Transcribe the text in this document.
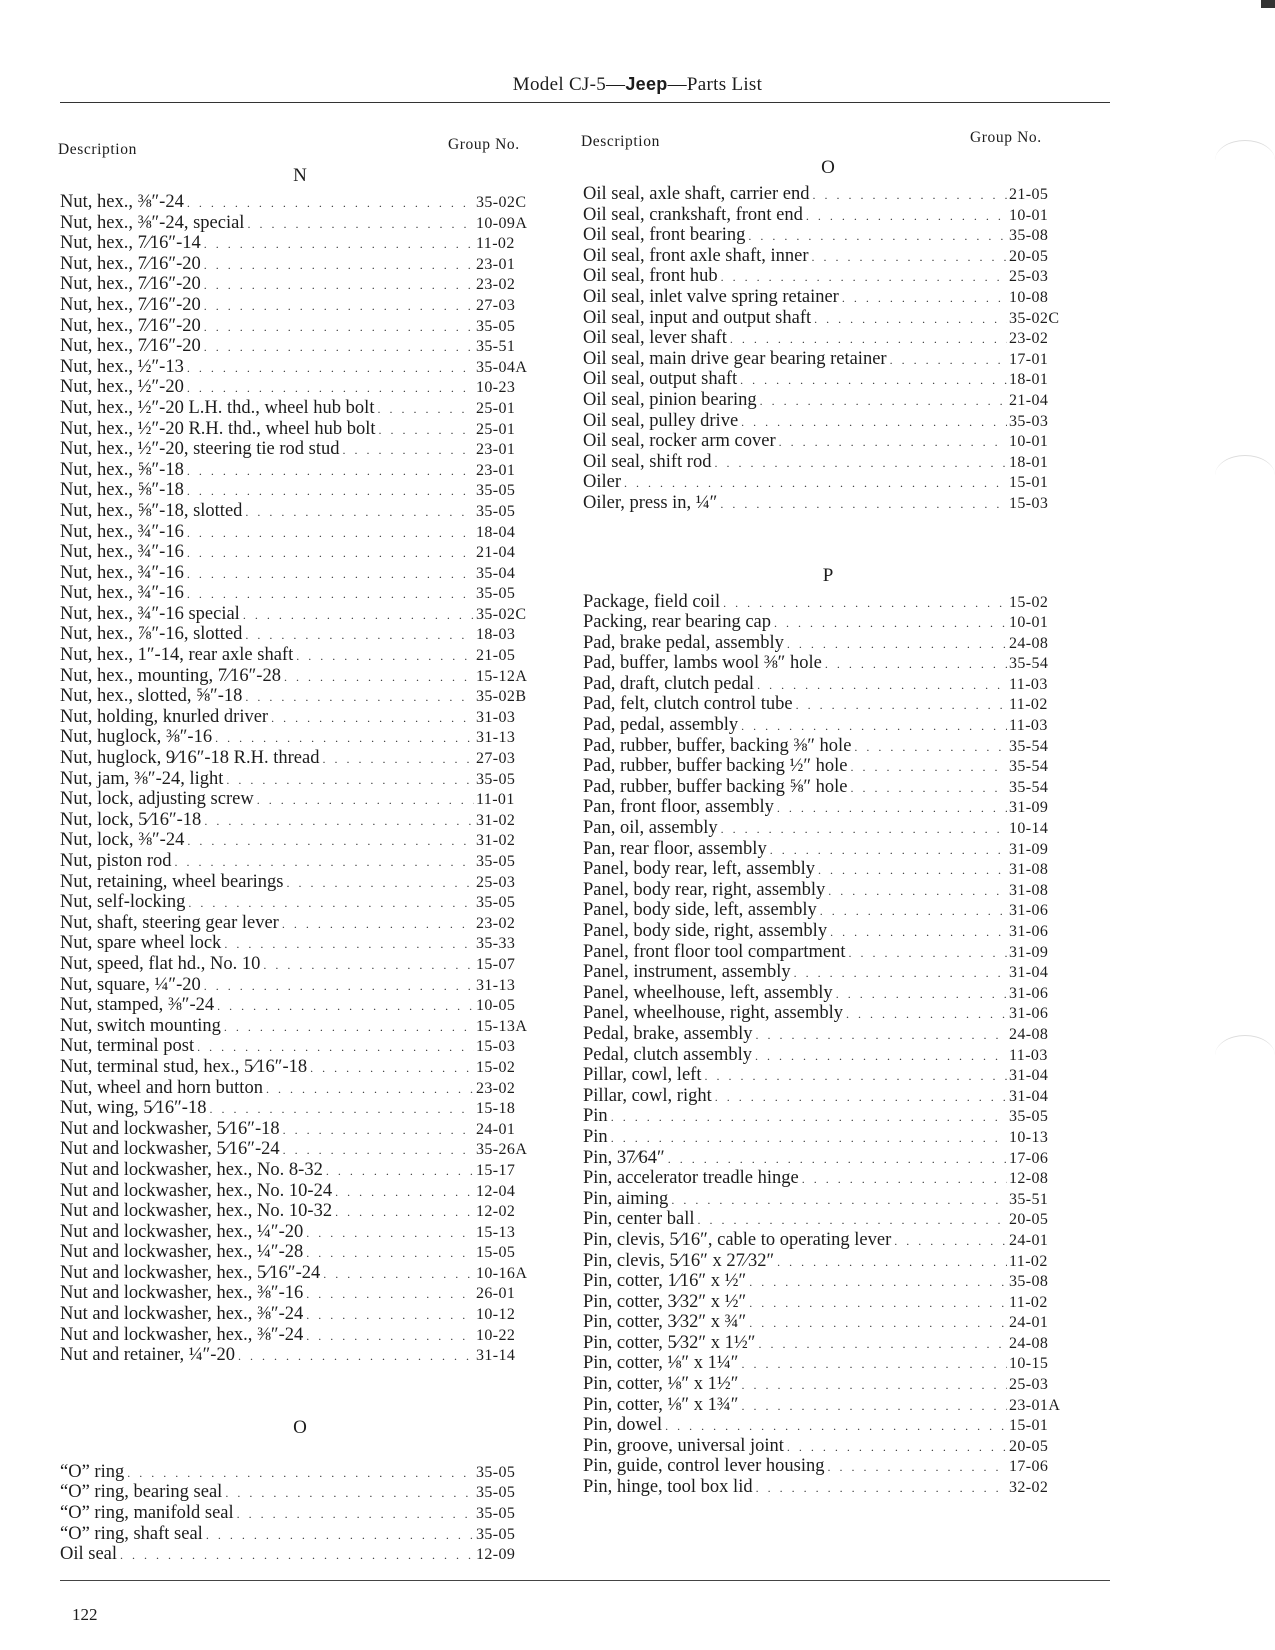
Model CJ-5—Jeep—Parts List
Description	Group No.	Description	Group No.
N
Nut, hex., ⅜″-24 . . .	35-02C
Nut, hex., ⅜″-24, special . . .	10-09A
Nut, hex., 7⁄16″-14 . . .	11-02
Nut, hex., 7⁄16″-20 . . .	23-01
Nut, hex., 7⁄16″-20 . . .	23-02
Nut, hex., 7⁄16″-20 . . .	27-03
Nut, hex., 7⁄16″-20 . . .	35-05
Nut, hex., 7⁄16″-20 . . .	35-51
Nut, hex., ½″-13 . . .	35-04A
Nut, hex., ½″-20 . . .	10-23
Nut, hex., ½″-20 L.H. thd., wheel hub bolt . . .	25-01
Nut, hex., ½″-20 R.H. thd., wheel hub bolt . . .	25-01
Nut, hex., ½″-20, steering tie rod stud . . .	23-01
Nut, hex., ⅝″-18 . . .	23-01
Nut, hex., ⅝″-18 . . .	35-05
Nut, hex., ⅝″-18, slotted . . .	35-05
Nut, hex., ¾″-16 . . .	18-04
Nut, hex., ¾″-16 . . .	21-04
Nut, hex., ¾″-16 . . .	35-04
Nut, hex., ¾″-16 . . .	35-05
Nut, hex., ¾″-16 special . . .	35-02C
Nut, hex., ⅞″-16, slotted . . .	18-03
Nut, hex., 1″-14, rear axle shaft . . .	21-05
Nut, hex., mounting, 7⁄16″-28 . . .	15-12A
Nut, hex., slotted, ⅝″-18 . . .	35-02B
Nut, holding, knurled driver . . .	31-03
Nut, huglock, ⅜″-16 . . .	31-13
Nut, huglock, 9⁄16″-18 R.H. thread . . .	27-03
Nut, jam, ⅜″-24, light . . .	35-05
Nut, lock, adjusting screw . . .	11-01
Nut, lock, 5⁄16″-18 . . .	31-02
Nut, lock, ⅜″-24 . . .	31-02
Nut, piston rod . . .	35-05
Nut, retaining, wheel bearings . . .	25-03
Nut, self-locking . . .	35-05
Nut, shaft, steering gear lever . . .	23-02
Nut, spare wheel lock . . .	35-33
Nut, speed, flat hd., No. 10 . . .	15-07
Nut, square, ¼″-20 . . .	31-13
Nut, stamped, ⅜″-24 . . .	10-05
Nut, switch mounting . . .	15-13A
Nut, terminal post . . .	15-03
Nut, terminal stud, hex., 5⁄16″-18 . . .	15-02
Nut, wheel and horn button . . .	23-02
Nut, wing, 5⁄16″-18 . . .	15-18
Nut and lockwasher, 5⁄16″-18 . . .	24-01
Nut and lockwasher, 5⁄16″-24 . . .	35-26A
Nut and lockwasher, hex., No. 8-32 . . .	15-17
Nut and lockwasher, hex., No. 10-24 . . .	12-04
Nut and lockwasher, hex., No. 10-32 . . .	12-02
Nut and lockwasher, hex., ¼″-20 . . .	15-13
Nut and lockwasher, hex., ¼″-28 . . .	15-05
Nut and lockwasher, hex., 5⁄16″-24 . . .	10-16A
Nut and lockwasher, hex., ⅜″-16 . . .	26-01
Nut and lockwasher, hex., ⅜″-24 . . .	10-12
Nut and lockwasher, hex., ⅜″-24 . . .	10-22
Nut and retainer, ¼″-20 . . .	31-14
O
“O” ring . . .	35-05
“O” ring, bearing seal . . .	35-05
“O” ring, manifold seal . . .	35-05
“O” ring, shaft seal . . .	35-05
Oil seal . . .	12-09
O
Oil seal, axle shaft, carrier end . . .	21-05
Oil seal, crankshaft, front end . . .	10-01
Oil seal, front bearing . . .	35-08
Oil seal, front axle shaft, inner . . .	20-05
Oil seal, front hub . . .	25-03
Oil seal, inlet valve spring retainer . . .	10-08
Oil seal, input and output shaft . . .	35-02C
Oil seal, lever shaft . . .	23-02
Oil seal, main drive gear bearing retainer . . .	17-01
Oil seal, output shaft . . .	18-01
Oil seal, pinion bearing . . .	21-04
Oil seal, pulley drive . . .	35-03
Oil seal, rocker arm cover . . .	10-01
Oil seal, shift rod . . .	18-01
Oiler . . .	15-01
Oiler, press in, ¼″ . . .	15-03
P
Package, field coil . . .	15-02
Packing, rear bearing cap . . .	10-01
Pad, brake pedal, assembly . . .	24-08
Pad, buffer, lambs wool ⅜″ hole . . .	35-54
Pad, draft, clutch pedal . . .	11-03
Pad, felt, clutch control tube . . .	11-02
Pad, pedal, assembly . . .	11-03
Pad, rubber, buffer, backing ⅜″ hole . . .	35-54
Pad, rubber, buffer backing ½″ hole . . .	35-54
Pad, rubber, buffer backing ⅝″ hole . . .	35-54
Pan, front floor, assembly . . .	31-09
Pan, oil, assembly . . .	10-14
Pan, rear floor, assembly . . .	31-09
Panel, body rear, left, assembly . . .	31-08
Panel, body rear, right, assembly . . .	31-08
Panel, body side, left, assembly . . .	31-06
Panel, body side, right, assembly . . .	31-06
Panel, front floor tool compartment . . .	31-09
Panel, instrument, assembly . . .	31-04
Panel, wheelhouse, left, assembly . . .	31-06
Panel, wheelhouse, right, assembly . . .	31-06
Pedal, brake, assembly . . .	24-08
Pedal, clutch assembly . . .	11-03
Pillar, cowl, left . . .	31-04
Pillar, cowl, right . . .	31-04
Pin . . .	35-05
Pin . . .	10-13
Pin, 37⁄64″ . . .	17-06
Pin, accelerator treadle hinge . . .	12-08
Pin, aiming . . .	35-51
Pin, center ball . . .	20-05
Pin, clevis, 5⁄16″, cable to operating lever . . .	24-01
Pin, clevis, 5⁄16″ x 27⁄32″ . . .	11-02
Pin, cotter, 1⁄16″ x ½″ . . .	35-08
Pin, cotter, 3⁄32″ x ½″ . . .	11-02
Pin, cotter, 3⁄32″ x ¾″ . . .	24-01
Pin, cotter, 5⁄32″ x 1½″ . . .	24-08
Pin, cotter, ⅛″ x 1¼″ . . .	10-15
Pin, cotter, ⅛″ x 1½″ . . .	25-03
Pin, cotter, ⅛″ x 1¾″ . . .	23-01A
Pin, dowel . . .	15-01
Pin, groove, universal joint . . .	20-05
Pin, guide, control lever housing . . .	17-06
Pin, hinge, tool box lid . . .	32-02
122
